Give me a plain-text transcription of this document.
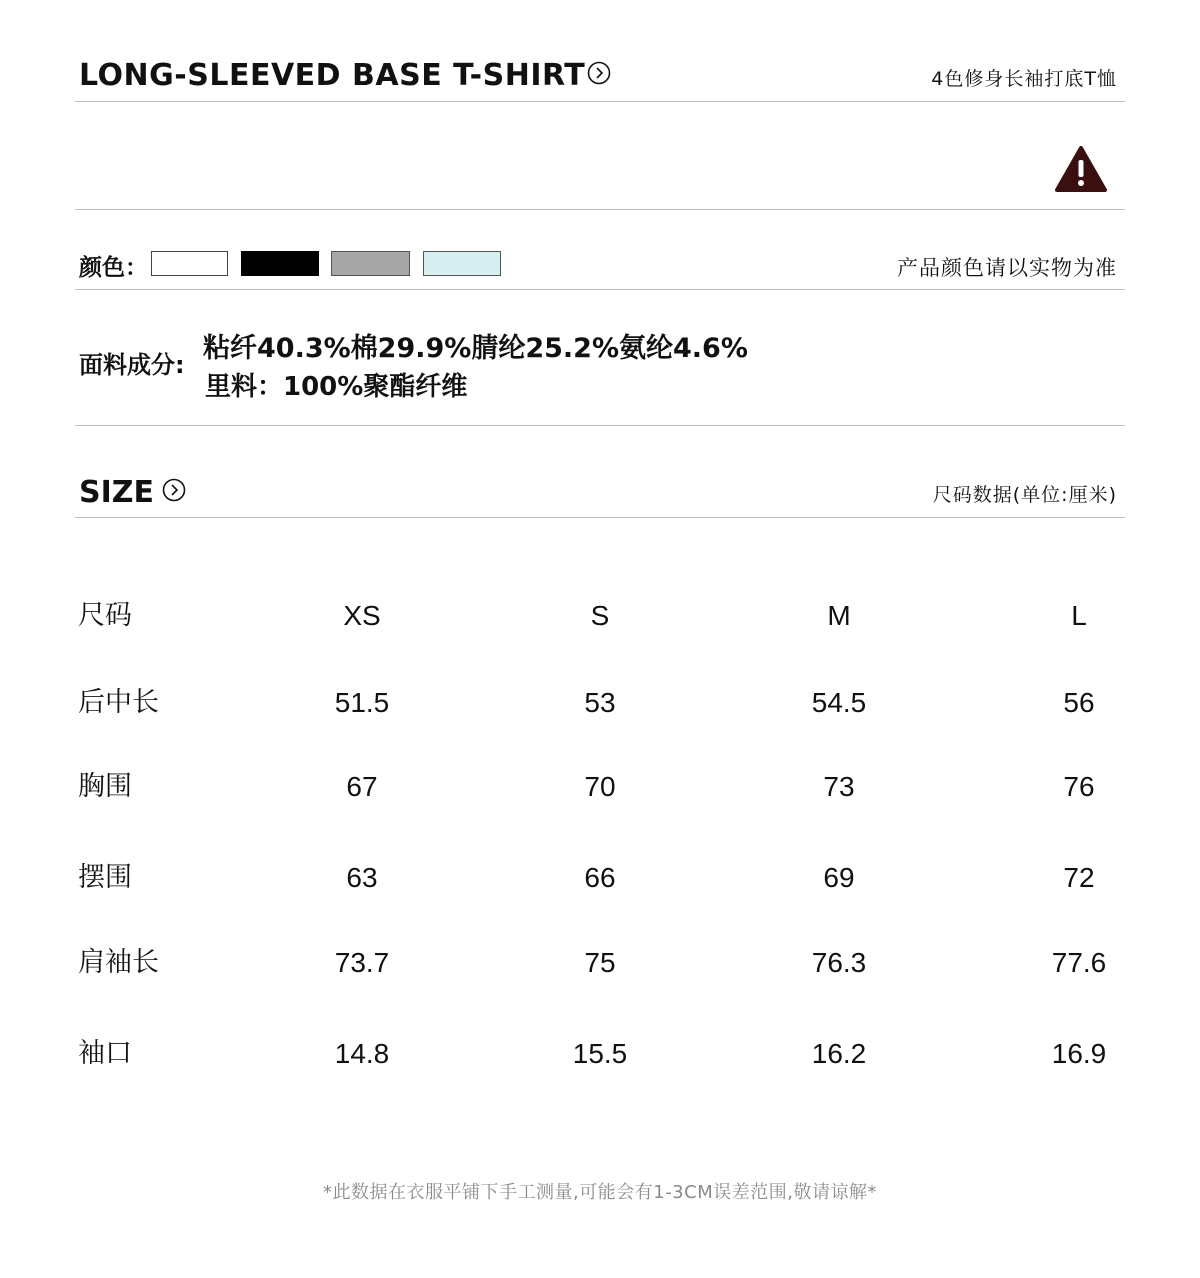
LONG-SLEEVED BASE T-SHIRT	4色修身长袖打底T恤
颜色：	产品颜色请以实物为准
面料成分:
粘纤40.3%棉29.9%腈纶25.2%氨纶4.6%
里料：100%聚酯纤维
SIZE	尺码数据(单位:厘米)
尺码	XS	S	M	L
后中长	51.5	53	54.5	56
胸围	67	70	73	76
摆围	63	66	69	72
肩袖长	73.7	75	76.3	77.6
袖口	14.8	15.5	16.2	16.9
*此数据在衣服平铺下手工测量,可能会有1-3CM误差范围,敬请谅解*
